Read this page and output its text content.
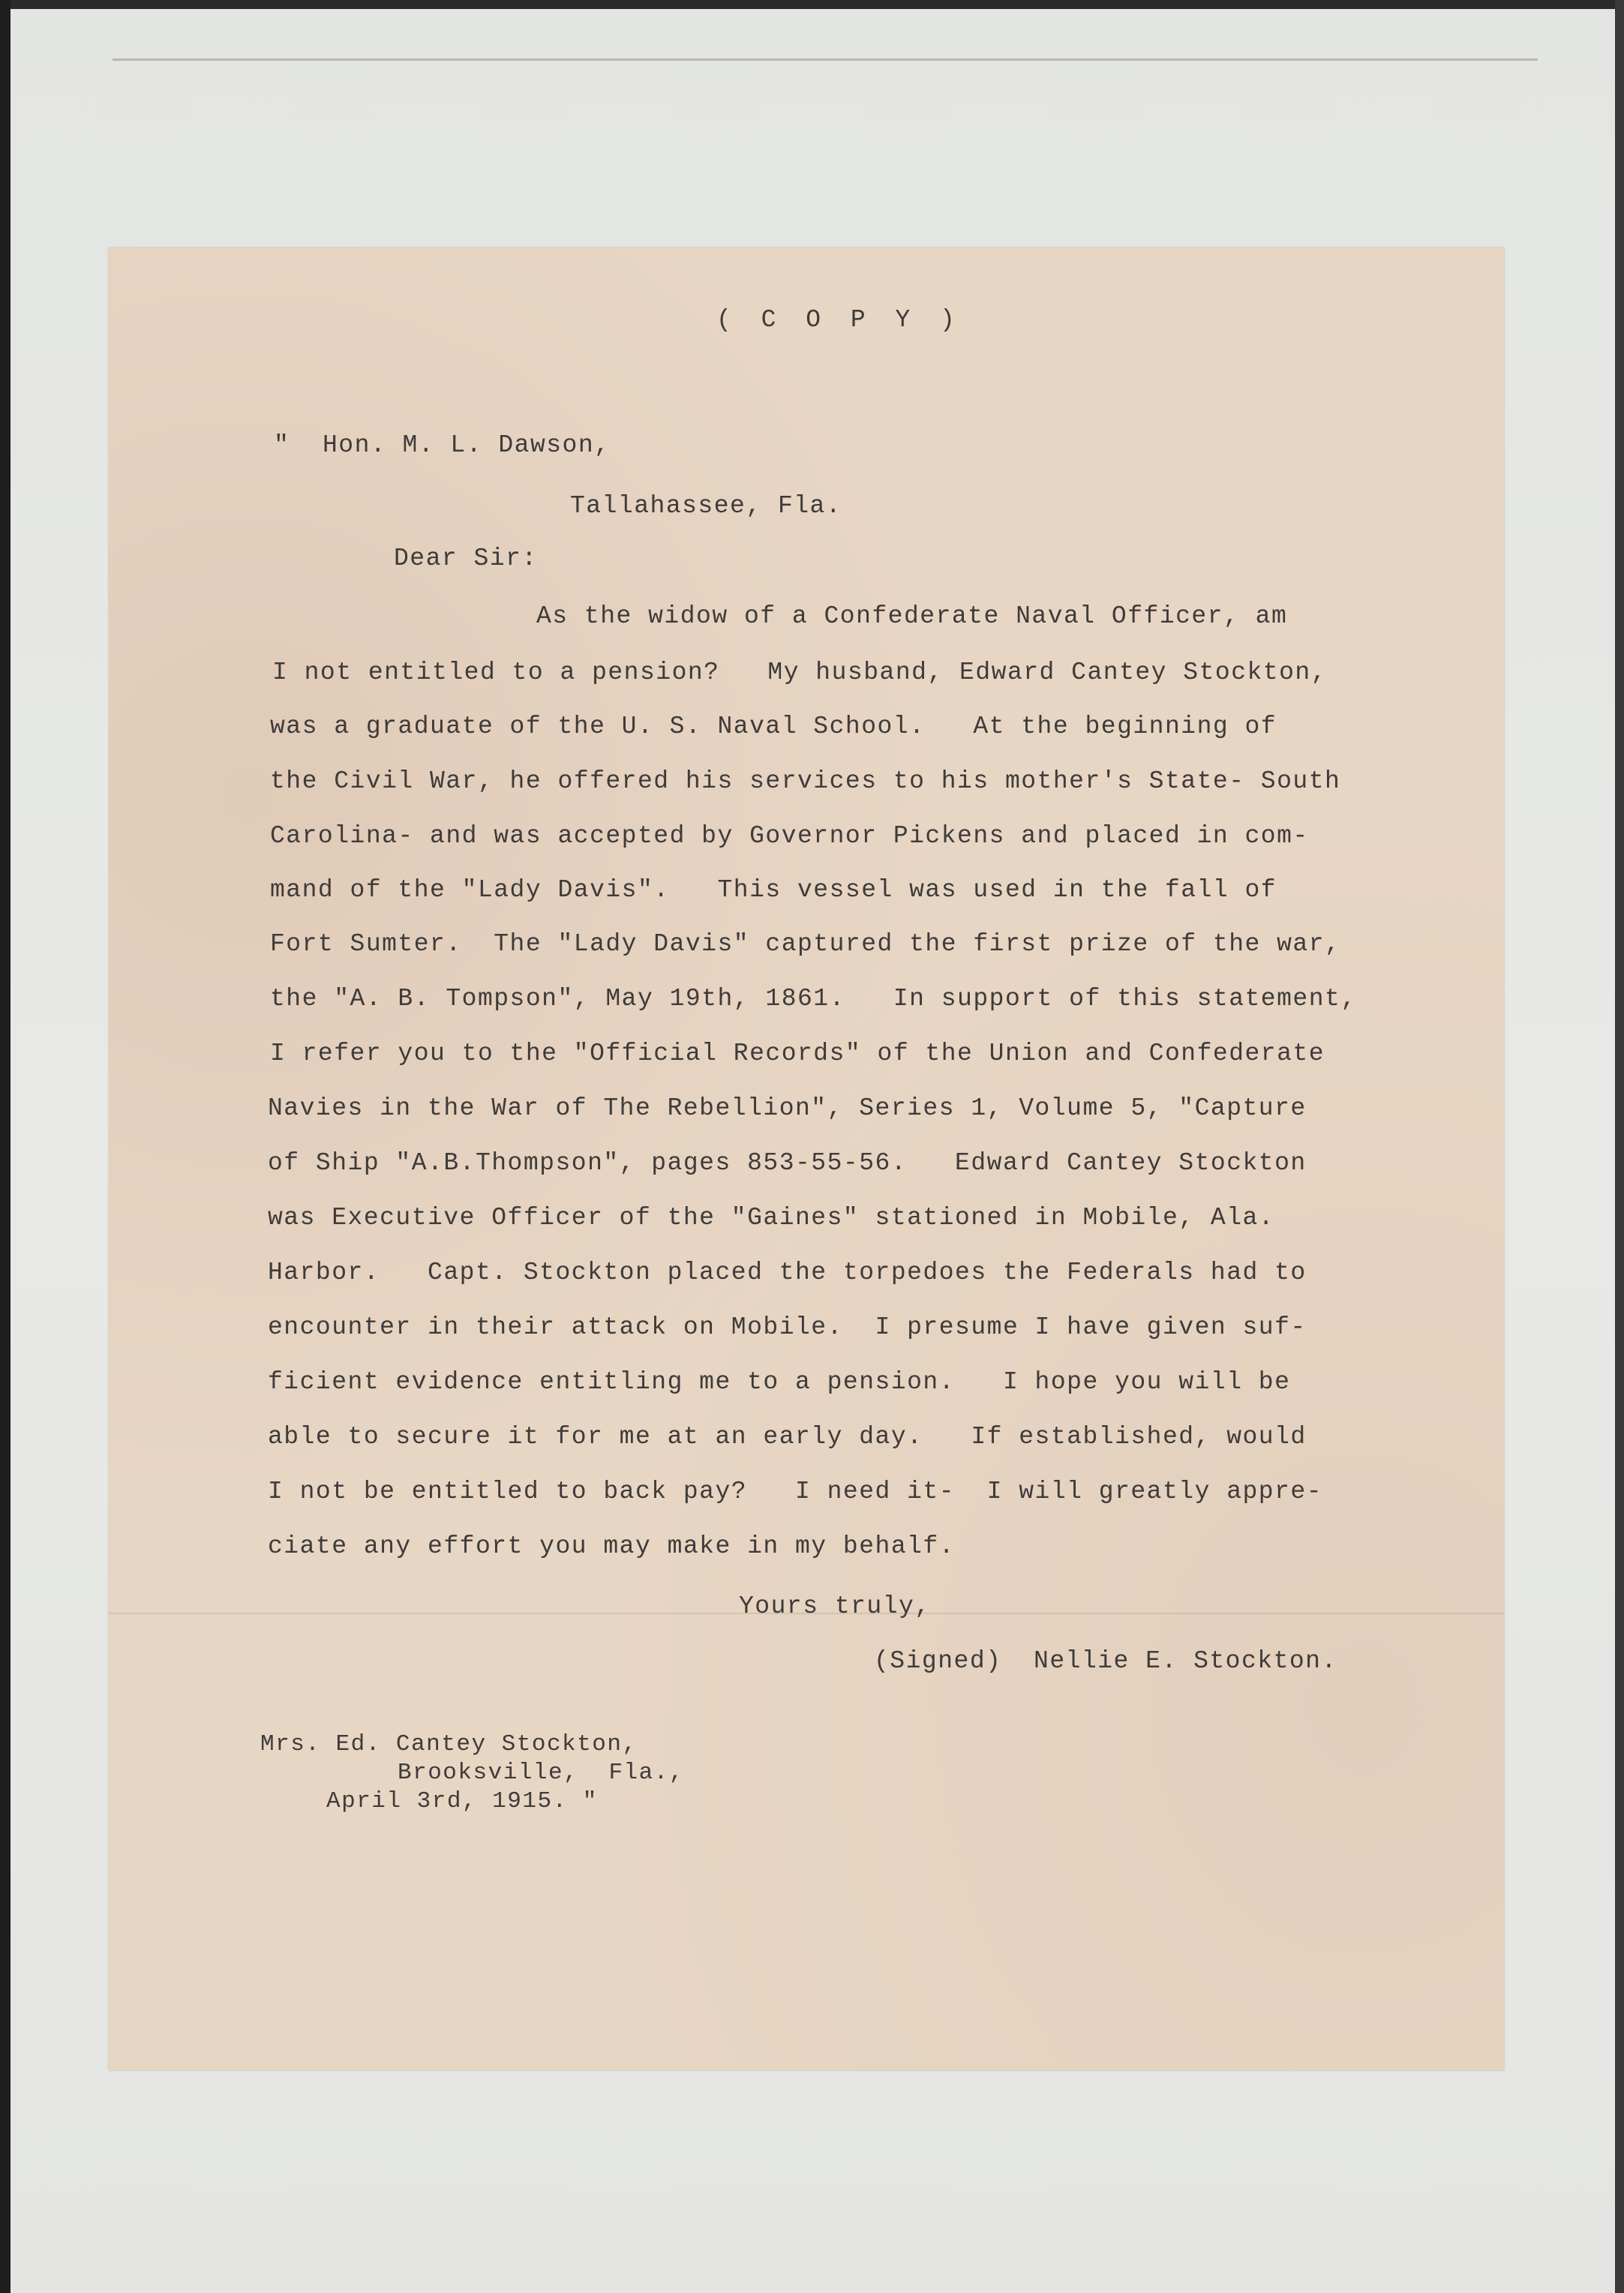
( C O P Y )
" Hon. M. L. Dawson,
Tallahassee, Fla.
Dear Sir:
As the widow of a Confederate Naval Officer, am
I not entitled to a pension?   My husband, Edward Cantey Stockton,
was a graduate of the U. S. Naval School.   At the beginning of
the Civil War, he offered his services to his mother's State- South
Carolina- and was accepted by Governor Pickens and placed in com-
mand of the "Lady Davis".   This vessel was used in the fall of
Fort Sumter.  The "Lady Davis" captured the first prize of the war,
the "A. B. Tompson", May 19th, 1861.   In support of this statement,
I refer you to the "Official Records" of the Union and Confederate
Navies in the War of The Rebellion", Series 1, Volume 5, "Capture
of Ship "A.B.Thompson", pages 853-55-56.   Edward Cantey Stockton
was Executive Officer of the "Gaines" stationed in Mobile, Ala.
Harbor.   Capt. Stockton placed the torpedoes the Federals had to
encounter in their attack on Mobile.  I presume I have given suf-
ficient evidence entitling me to a pension.   I hope you will be
able to secure it for me at an early day.   If established, would
I not be entitled to back pay?   I need it-  I will greatly appre-
ciate any effort you may make in my behalf.
Yours truly,
(Signed)  Nellie E. Stockton.
Mrs. Ed. Cantey Stockton,
Brooksville,  Fla.,
April 3rd, 1915. "
